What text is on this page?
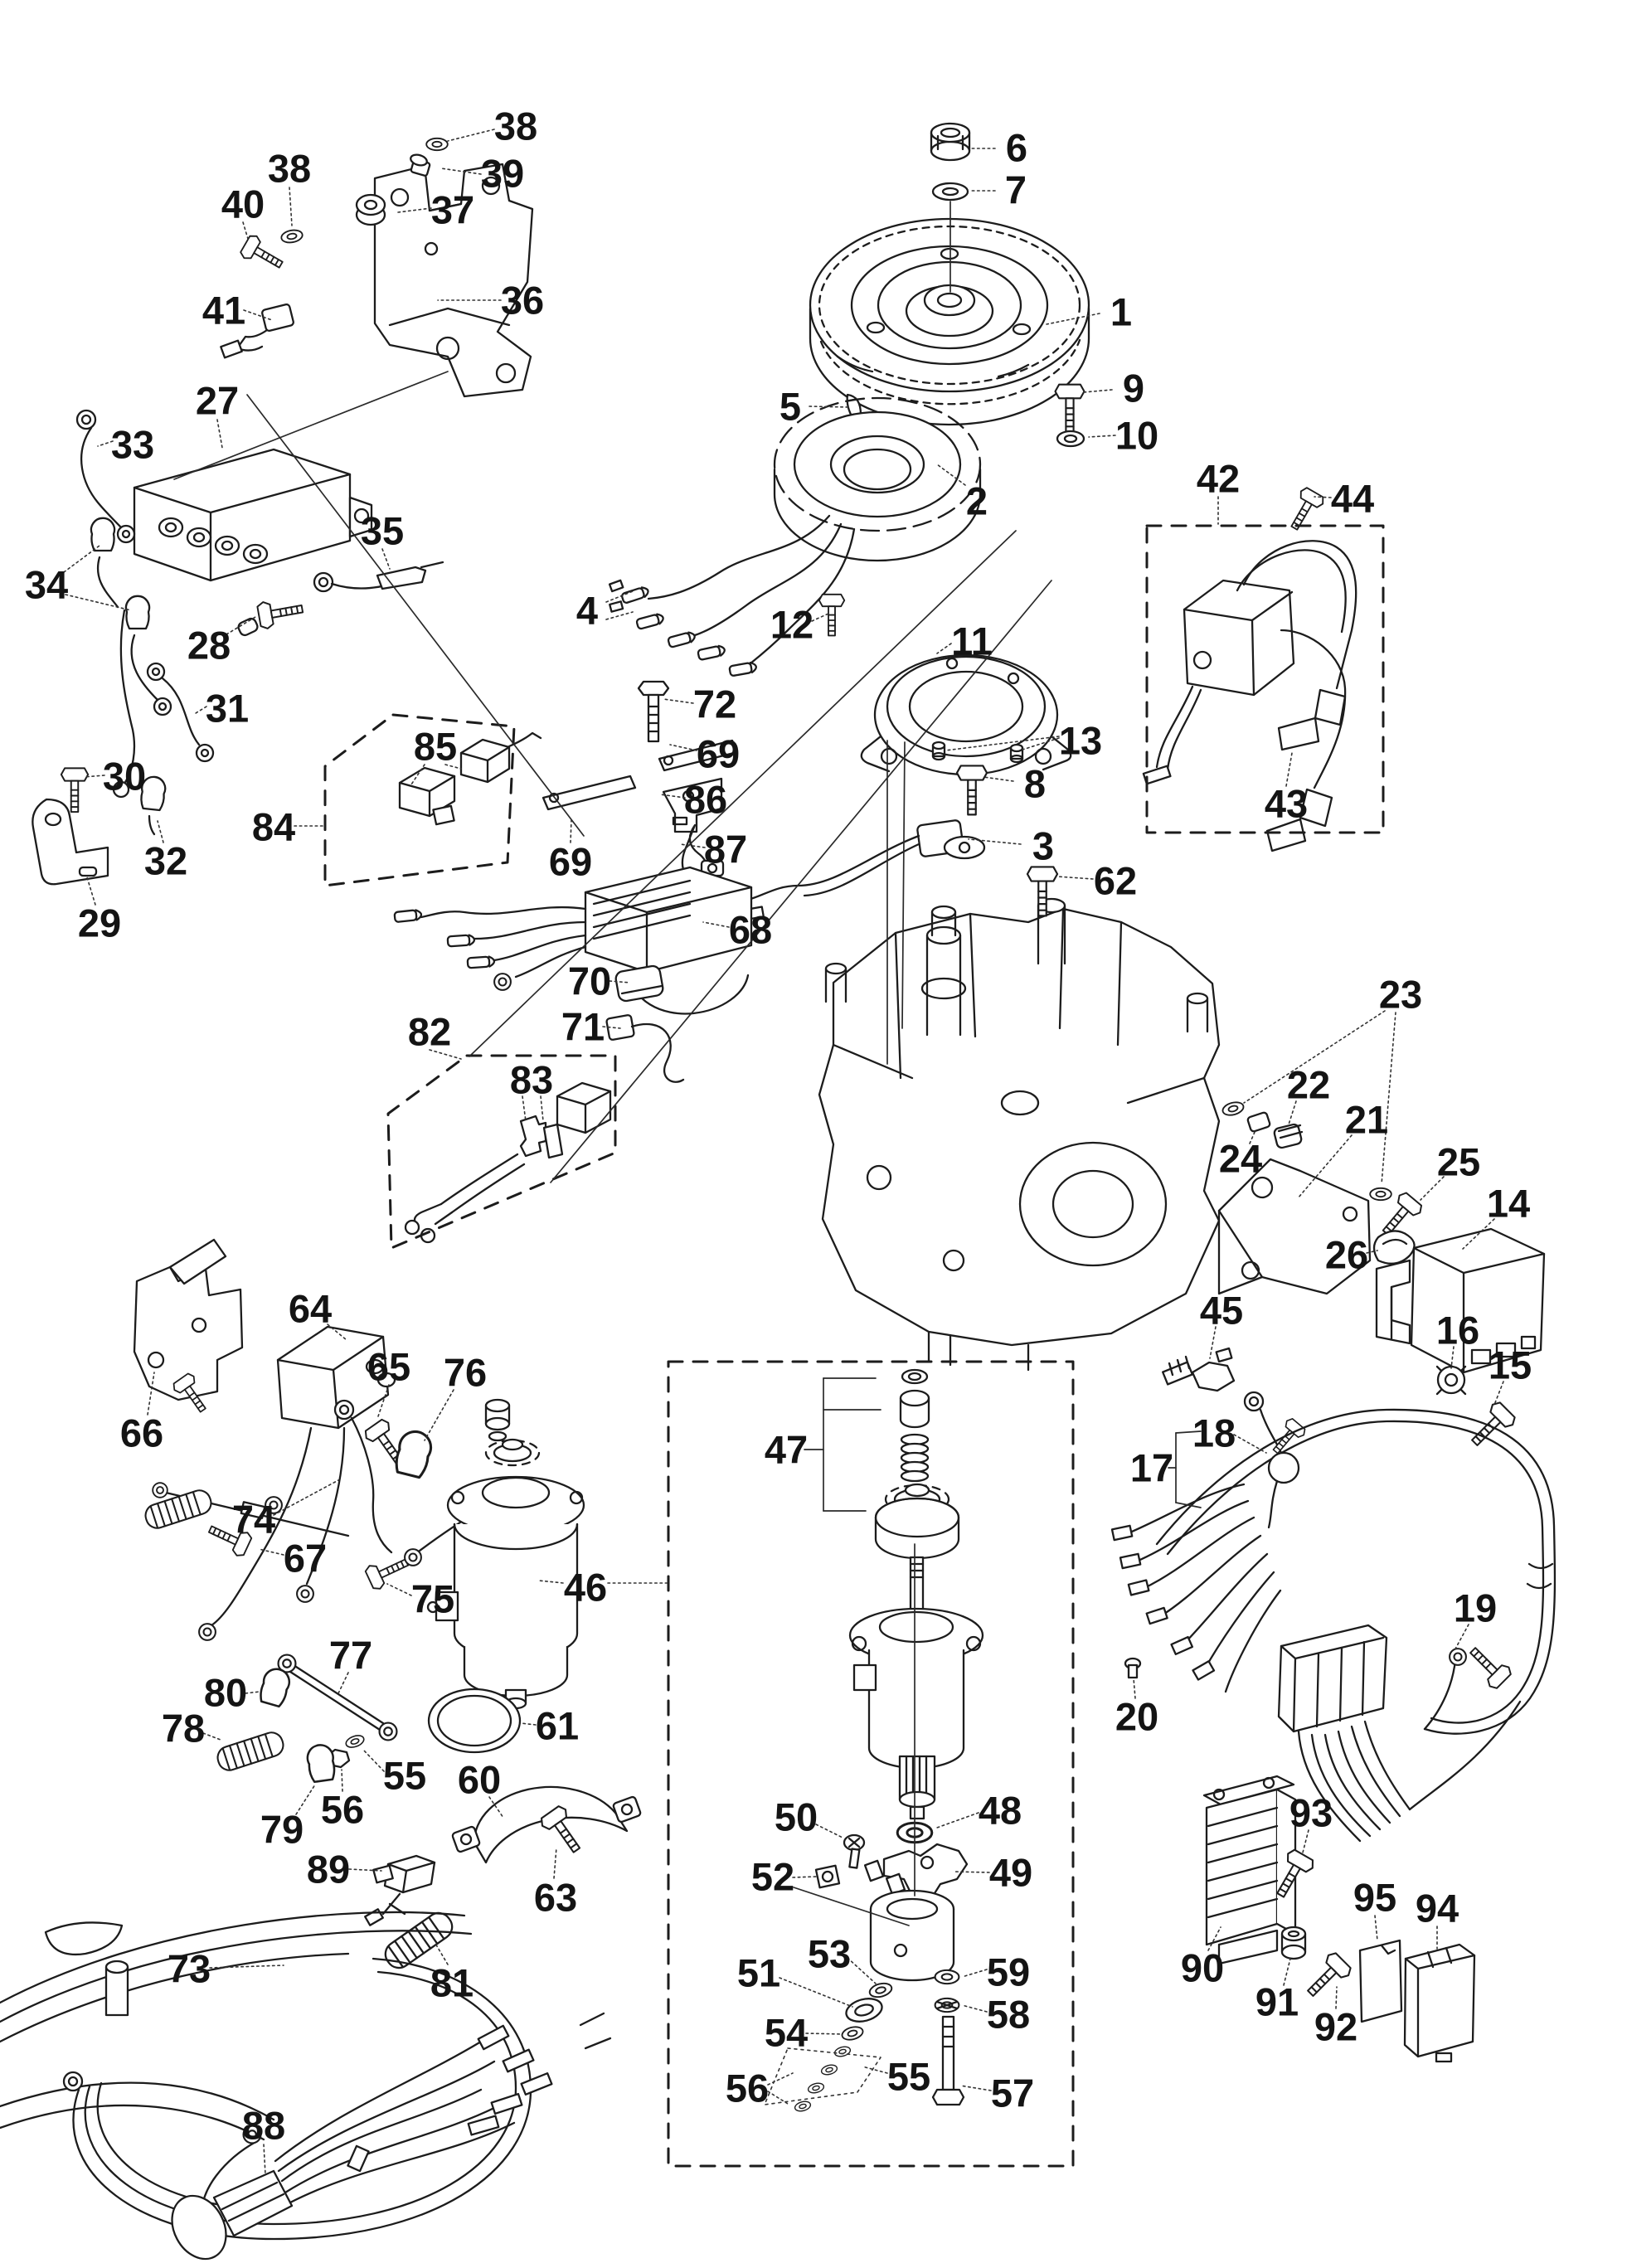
38
39
38
40	37
41	36
27
6
7
1
9
10
5
2
4	12	11
72
69
86
87
69
13
8
3
62
84
85
33
34
35
28
31
30
32
29	68
70
71
82
83
42 44
43
23
22
24
21
25
26
14
45	16
15
18
17
19
20
64
65 76
66
74
67
75	46
47
77
80
78
79
55
56
61
60
63
89
81
73
88
48
49
50
52
53
51
54
56	55
59
58
57
90
93
91
92
95 94
